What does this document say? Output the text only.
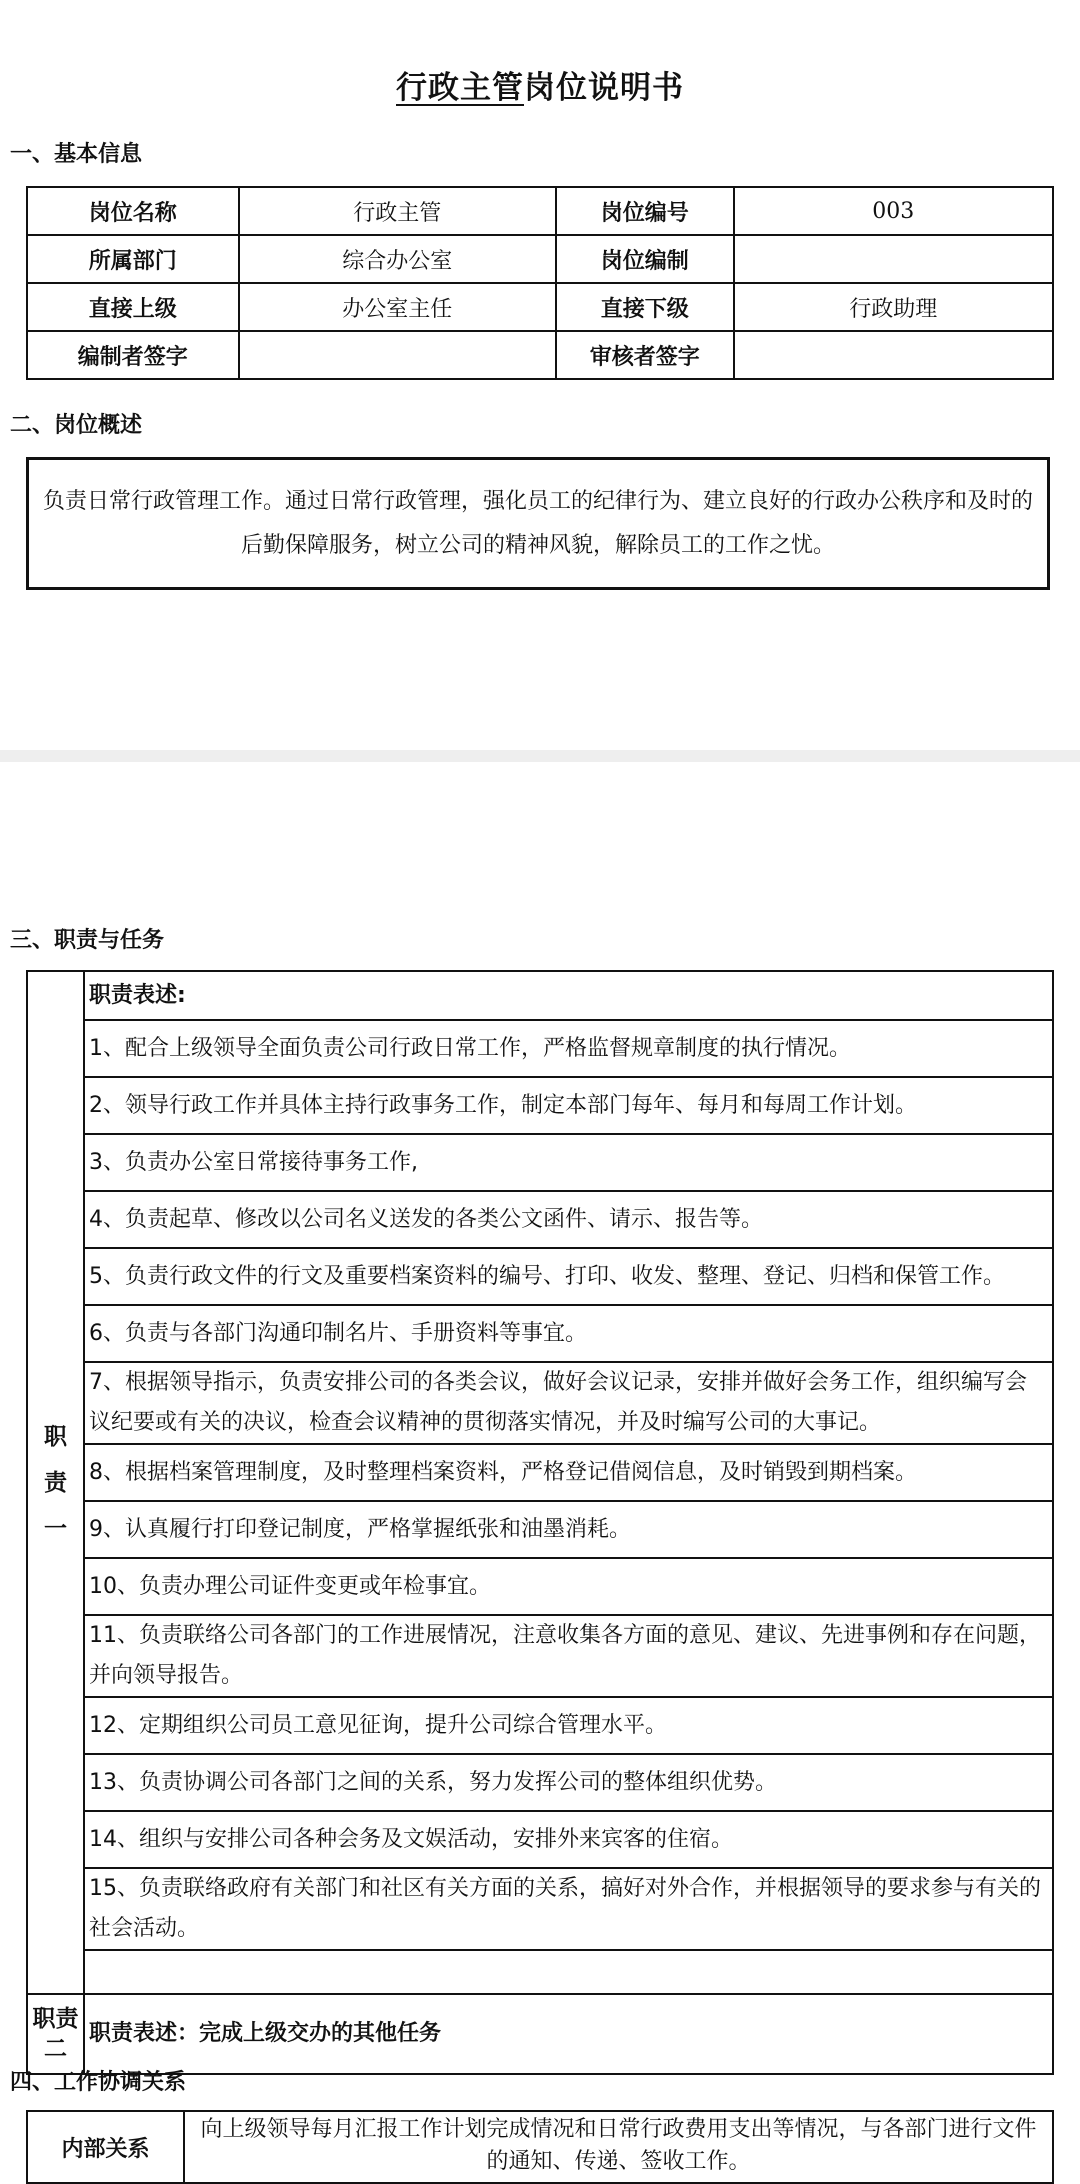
行政主管岗位说明书
一、基本信息
岗位名称	行政主管	岗位编号	003
所属部门	综合办公室	岗位编制	
直接上级	办公室主任	直接下级	行政助理
编制者签字		审核者签字	
二、岗位概述
负责日常行政管理工作。通过日常行政管理，强化员工的纪律行为、建立良好的行政办公秩序和及时的后勤保障服务，树立公司的精神风貌，解除员工的工作之忧。
三、职责与任务
职责一	职责表述:
	1、配合上级领导全面负责公司行政日常工作，严格监督规章制度的执行情况。
	2、领导行政工作并具体主持行政事务工作，制定本部门每年、每月和每周工作计划。
	3、负责办公室日常接待事务工作,
	4、负责起草、修改以公司名义送发的各类公文函件、请示、报告等。
	5、负责行政文件的行文及重要档案资料的编号、打印、收发、整理、登记、归档和保管工作。
	6、负责与各部门沟通印制名片、手册资料等事宜。
	7、根据领导指示，负责安排公司的各类会议，做好会议记录，安排并做好会务工作，组织编写会议纪要或有关的决议，检查会议精神的贯彻落实情况，并及时编写公司的大事记。
	8、根据档案管理制度，及时整理档案资料，严格登记借阅信息，及时销毁到期档案。
	9、认真履行打印登记制度，严格掌握纸张和油墨消耗。
	10、负责办理公司证件变更或年检事宜。
	11、负责联络公司各部门的工作进展情况，注意收集各方面的意见、建议、先进事例和存在问题，并向领导报告。
	12、定期组织公司员工意见征询，提升公司综合管理水平。
	13、负责协调公司各部门之间的关系，努力发挥公司的整体组织优势。
	14、组织与安排公司各种会务及文娱活动，安排外来宾客的住宿。
	15、负责联络政府有关部门和社区有关方面的关系，搞好对外合作，并根据领导的要求参与有关的社会活动。

职责二	职责表述：完成上级交办的其他任务
四、工作协调关系
内部关系	向上级领导每月汇报工作计划完成情况和日常行政费用支出等情况，与各部门进行文件的通知、传递、签收工作。
